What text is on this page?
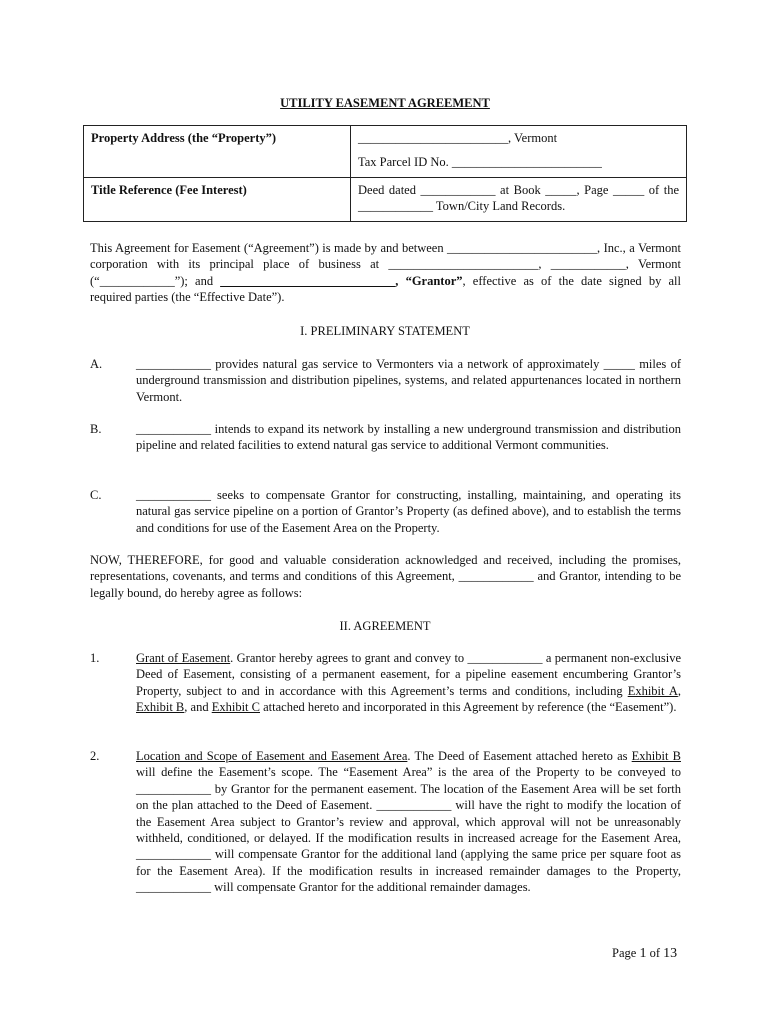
UTILITY EASEMENT AGREEMENT
Property Address (the “Property”)	________________________, Vermont

Tax Parcel ID No. ________________________

Title Reference (Fee Interest)	Deed dated ____________ at Book _____, Page _____ of the ____________ Town/City Land Records.

This Agreement for Easement (“Agreement”) is made by and between ________________________, Inc., a Vermont corporation with its principal place of business at ________________________, ____________, Vermont (“____________”); and ____________________________, “Grantor”, effective as of the date signed by all required parties (the “Effective Date”).

I. PRELIMINARY STATEMENT

A.	____________ provides natural gas service to Vermonters via a network of approximately _____ miles of underground transmission and distribution pipelines, systems, and related appurtenances located in northern Vermont.
B.	____________ intends to expand its network by installing a new underground transmission and distribution pipeline and related facilities to extend natural gas service to additional Vermont communities.
C.	____________ seeks to compensate Grantor for constructing, installing, maintaining, and operating its natural gas service pipeline on a portion of Grantor’s Property (as defined above), and to establish the terms and conditions for use of the Easement Area on the Property.

NOW, THEREFORE, for good and valuable consideration acknowledged and received, including the promises, representations, covenants, and terms and conditions of this Agreement, ____________ and Grantor, intending to be legally bound, do hereby agree as follows:

II. AGREEMENT

1.	Grant of Easement. Grantor hereby agrees to grant and convey to ____________ a permanent non-exclusive Deed of Easement, consisting of a permanent easement, for a pipeline easement encumbering Grantor’s Property, subject to and in accordance with this Agreement’s terms and conditions, including Exhibit A, Exhibit B, and Exhibit C attached hereto and incorporated in this Agreement by reference (the “Easement”).
2.	Location and Scope of Easement and Easement Area. The Deed of Easement attached hereto as Exhibit B will define the Easement’s scope. The “Easement Area” is the area of the Property to be conveyed to ____________ by Grantor for the permanent easement. The location of the Easement Area will be set forth on the plan attached to the Deed of Easement. ____________ will have the right to modify the location of the Easement Area subject to Grantor’s review and approval, which approval will not be unreasonably withheld, conditioned, or delayed. If the modification results in increased acreage for the Easement Area, ____________ will compensate Grantor for the additional land (applying the same price per square foot as for the Easement Area). If the modification results in increased remainder damages to the Property, ____________ will compensate Grantor for the additional remainder damages.
Page 1 of 13
